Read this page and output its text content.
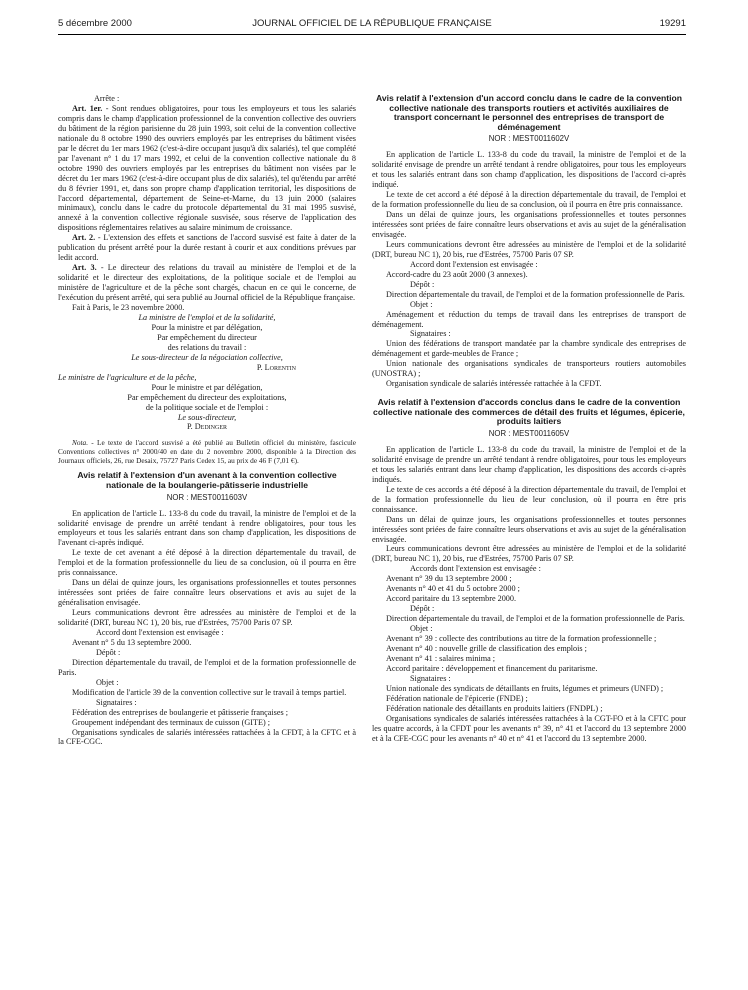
5 décembre 2000	JOURNAL OFFICIEL DE LA RÉPUBLIQUE FRANÇAISE	19291

Arrête :

Art. 1er. - Sont rendues obligatoires, pour tous les employeurs et tous les salariés compris dans le champ d'application professionnel de la convention collective des ouvriers du bâtiment de la région parisienne du 28 juin 1993, soit celui de la convention collective nationale du 8 octobre 1990 des ouvriers employés par les entreprises du bâtiment visées par le décret du 1er mars 1962 (c'est-à-dire occupant jusqu'à dix salariés), tel que complété par l'avenant n° 1 du 17 mars 1992, et celui de la convention collective nationale du 8 octobre 1990 des ouvriers employés par les entreprises du bâtiment non visées par le décret du 1er mars 1962 (c'est-à-dire occupant plus de dix salariés), tel qu'étendu par arrêté du 8 février 1991, et, dans son propre champ d'application territorial, les dispositions de l'accord départemental, département de Seine-et-Marne, du 13 juin 2000 (salaires minimaux), conclu dans le cadre du protocole départemental du 31 mai 1995 susvisé, annexé à la convention collective régionale susvisée, sous réserve de l'application des dispositions réglementaires relatives au salaire minimum de croissance.

Art. 2. - L'extension des effets et sanctions de l'accord susvisé est faite à dater de la publication du présent arrêté pour la durée restant à courir et aux conditions prévues par ledit accord.

Art. 3. - Le directeur des relations du travail au ministère de l'emploi et de la solidarité et le directeur des exploitations, de la politique sociale et de l'emploi au ministère de l'agriculture et de la pêche sont chargés, chacun en ce qui le concerne, de l'exécution du présent arrêté, qui sera publié au Journal officiel de la République française.

Fait à Paris, le 23 novembre 2000.

La ministre de l'emploi et de la solidarité,

Pour la ministre et par délégation,

Par empêchement du directeur

des relations du travail :

Le sous-directeur de la négociation collective,

P. Lorentin

Le ministre de l'agriculture et de la pêche,

Pour le ministre et par délégation,

Par empêchement du directeur des exploitations,

de la politique sociale et de l'emploi :

Le sous-directeur,

P. Dedinger

Nota. - Le texte de l'accord susvisé a été publié au Bulletin officiel du ministère, fascicule Conventions collectives n° 2000/40 en date du 2 novembre 2000, disponible à la Direction des Journaux officiels, 26, rue Desaix, 75727 Paris Cedex 15, au prix de 46 F (7,01 €).

Avis relatif à l'extension d'un avenant à la convention collective nationale de la boulangerie-pâtisserie industrielle

NOR : MESТ0011603V

En application de l'article L. 133-8 du code du travail, la ministre de l'emploi et de la solidarité envisage de prendre un arrêté tendant à rendre obligatoires, pour tous les employeurs et tous les salariés entrant dans son champ d'application, les dispositions de l'avenant ci-après indiqué.

Le texte de cet avenant a été déposé à la direction départementale du travail, de l'emploi et de la formation professionnelle du lieu de sa conclusion, où il pourra en être pris connaissance.

Dans un délai de quinze jours, les organisations professionnelles et toutes personnes intéressées sont priées de faire connaître leurs observations et avis au sujet de la généralisation envisagée.

Leurs communications devront être adressées au ministère de l'emploi et de la solidarité (DRT, bureau NC 1), 20 bis, rue d'Estrées, 75700 Paris 07 SP.

Accord dont l'extension est envisagée :

Avenant n° 5 du 13 septembre 2000.

Dépôt :

Direction départementale du travail, de l'emploi et de la formation professionnelle de Paris.

Objet :

Modification de l'article 39 de la convention collective sur le travail à temps partiel.

Signataires :

Fédération des entreprises de boulangerie et pâtisserie françaises ;

Groupement indépendant des terminaux de cuisson (GITE) ;

Organisations syndicales de salariés intéressées rattachées à la CFDT, à la CFTC et à la CFE-CGC.

Avis relatif à l'extension d'un accord conclu dans le cadre de la convention collective nationale des transports routiers et activités auxiliaires de transport concernant le personnel des entreprises de transport de déménagement

NOR : MESТ0011602V

En application de l'article L. 133-8 du code du travail, la ministre de l'emploi et de la solidarité envisage de prendre un arrêté tendant à rendre obligatoires, pour tous les employeurs et tous les salariés entrant dans son champ d'application, les dispositions de l'accord ci-après indiqué.

Le texte de cet accord a été déposé à la direction départementale du travail, de l'emploi et de la formation professionnelle du lieu de sa conclusion, où il pourra en être pris connaissance.

Dans un délai de quinze jours, les organisations professionnelles et toutes personnes intéressées sont priées de faire connaître leurs observations et avis au sujet de la généralisation envisagée.

Leurs communications devront être adressées au ministère de l'emploi et de la solidarité (DRT, bureau NC 1), 20 bis, rue d'Estrées, 75700 Paris 07 SP.

Accord dont l'extension est envisagée :

Accord-cadre du 23 août 2000 (3 annexes).

Dépôt :

Direction départementale du travail, de l'emploi et de la formation professionnelle de Paris.

Objet :

Aménagement et réduction du temps de travail dans les entreprises de transport de déménagement.

Signataires :

Union des fédérations de transport mandatée par la chambre syndicale des entreprises de déménagement et garde-meubles de France ;

Union nationale des organisations syndicales de transporteurs routiers automobiles (UNOSTRA) ;

Organisation syndicale de salariés intéressée rattachée à la CFDT.

Avis relatif à l'extension d'accords conclus dans le cadre de la convention collective nationale des commerces de détail des fruits et légumes, épicerie, produits laitiers

NOR : MESТ0011605V

En application de l'article L. 133-8 du code du travail, la ministre de l'emploi et de la solidarité envisage de prendre un arrêté tendant à rendre obligatoires, pour tous les employeurs et tous les salariés entrant dans leur champ d'application, les dispositions des accords ci-après indiqués.

Le texte de ces accords a été déposé à la direction départementale du travail, de l'emploi et de la formation professionnelle du lieu de leur conclusion, où il pourra en être pris connaissance.

Dans un délai de quinze jours, les organisations professionnelles et toutes personnes intéressées sont priées de faire connaître leurs observations et avis au sujet de la généralisation envisagée.

Leurs communications devront être adressées au ministère de l'emploi et de la solidarité (DRT, bureau NC 1), 20 bis, rue d'Estrées, 75700 Paris 07 SP.

Accords dont l'extension est envisagée :

Avenant n° 39 du 13 septembre 2000 ;

Avenants n° 40 et 41 du 5 octobre 2000 ;

Accord paritaire du 13 septembre 2000.

Dépôt :

Direction départementale du travail, de l'emploi et de la formation professionnelle de Paris.

Objet :

Avenant n° 39 : collecte des contributions au titre de la formation professionnelle ;

Avenant n° 40 : nouvelle grille de classification des emplois ;

Avenant n° 41 : salaires minima ;

Accord paritaire : développement et financement du paritarisme.

Signataires :

Union nationale des syndicats de détaillants en fruits, légumes et primeurs (UNFD) ;

Fédération nationale de l'épicerie (FNDE) ;

Fédération nationale des détaillants en produits laitiers (FNDPL) ;

Organisations syndicales de salariés intéressées rattachées à la CGT-FO et à la CFTC pour les quatre accords, à la CFDT pour les avenants n° 39, n° 41 et l'accord du 13 septembre 2000 et à la CFE-CGC pour les avenants n° 40 et n° 41 et l'accord du 13 septembre 2000.
